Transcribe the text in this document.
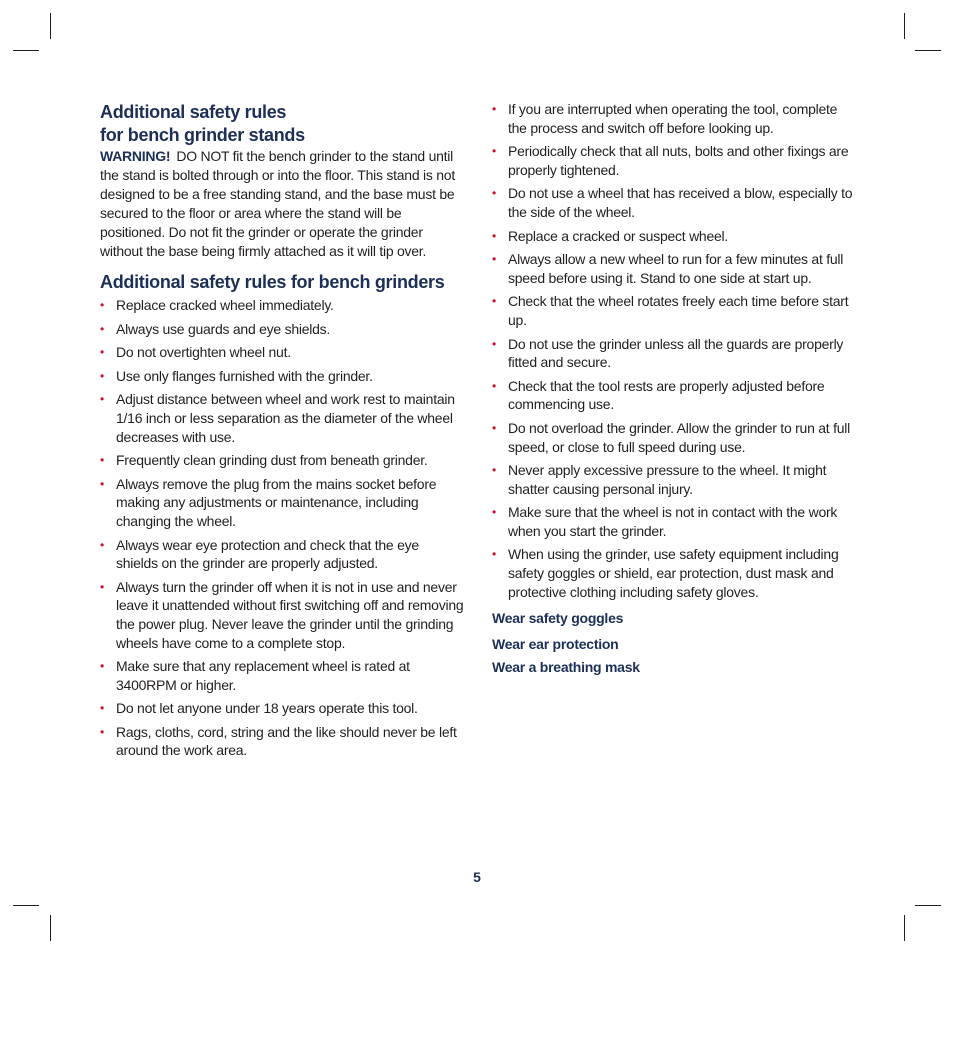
Additional safety rules
for bench grinder stands

WARNING! DO NOT fit the bench grinder to the stand until the stand is bolted through or into the floor. This stand is not designed to be a free standing stand, and the base must be secured to the floor or area where the stand will be positioned. Do not fit the grinder or operate the grinder without the base being firmly attached as it will tip over.

Additional safety rules for bench grinders
• Replace cracked wheel immediately.
• Always use guards and eye shields.
• Do not overtighten wheel nut.
• Use only flanges furnished with the grinder.
• Adjust distance between wheel and work rest to maintain 1/16 inch or less separation as the diameter of the wheel decreases with use.
• Frequently clean grinding dust from beneath grinder.
• Always remove the plug from the mains socket before making any adjustments or maintenance, including changing the wheel.
• Always wear eye protection and check that the eye shields on the grinder are properly adjusted.
• Always turn the grinder off when it is not in use and never leave it unattended without first switching off and removing the power plug. Never leave the grinder until the grinding wheels have come to a complete stop.
• Make sure that any replacement wheel is rated at 3400RPM or higher.
• Do not let anyone under 18 years operate this tool.
• Rags, cloths, cord, string and the like should never be left around the work area.
• If you are interrupted when operating the tool, complete the process and switch off before looking up.
• Periodically check that all nuts, bolts and other fixings are properly tightened.
• Do not use a wheel that has received a blow, especially to the side of the wheel.
• Replace a cracked or suspect wheel.
• Always allow a new wheel to run for a few minutes at full speed before using it. Stand to one side at start up.
• Check that the wheel rotates freely each time before start up.
• Do not use the grinder unless all the guards are properly fitted and secure.
• Check that the tool rests are properly adjusted before commencing use.
• Do not overload the grinder. Allow the grinder to run at full speed, or close to full speed during use.
• Never apply excessive pressure to the wheel. It might shatter causing personal injury.
• Make sure that the wheel is not in contact with the work when you start the grinder.
• When using the grinder, use safety equipment including safety goggles or shield, ear protection, dust mask and protective clothing including safety gloves.
Wear safety goggles
Wear ear protection
Wear a breathing mask
5
